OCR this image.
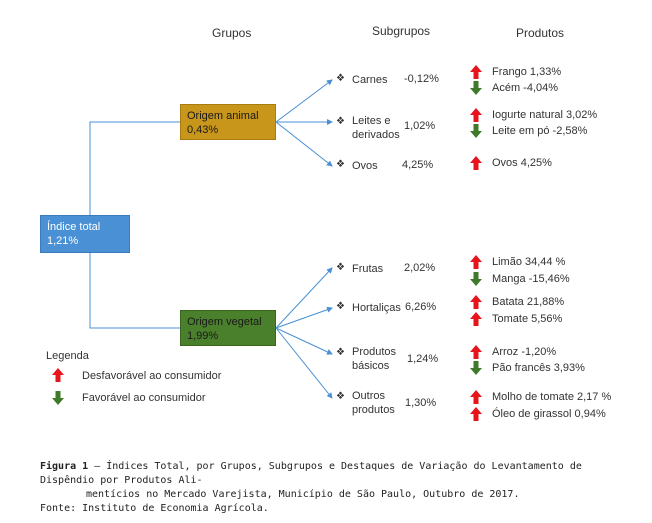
Grupos	Subgrupos	Produtos
Índice total
1,21%
Origem animal
0,43%
Origem vegetal
1,99%
❖ Carnes -0,12%
❖ Leites e
derivados
1,02%
❖ Ovos 4,25%
❖ Frutas 2,02%
❖ Hortaliças 6,26%
❖ Produtos
básicos
1,24%
❖ Outros
produtos
1,30%
Frango 1,33%
Acém -4,04%
Iogurte natural 3,02%
Leite em pó -2,58%
Ovos 4,25%
Limão 34,44 %
Manga -15,46%
Batata 21,88%
Tomate 5,56%
Arroz -1,20%
Pão francês 3,93%
Molho de tomate 2,17 %
Óleo de girassol 0,94%
Legenda
Desfavorável ao consumidor
Favorável ao consumidor
Figura 1 – Índices Total, por Grupos, Subgrupos e Destaques de Variação do Levantamento de Dispêndio por Produtos Ali-
mentícios no Mercado Varejista, Município de São Paulo, Outubro de 2017.
Fonte: Instituto de Economia Agrícola.
